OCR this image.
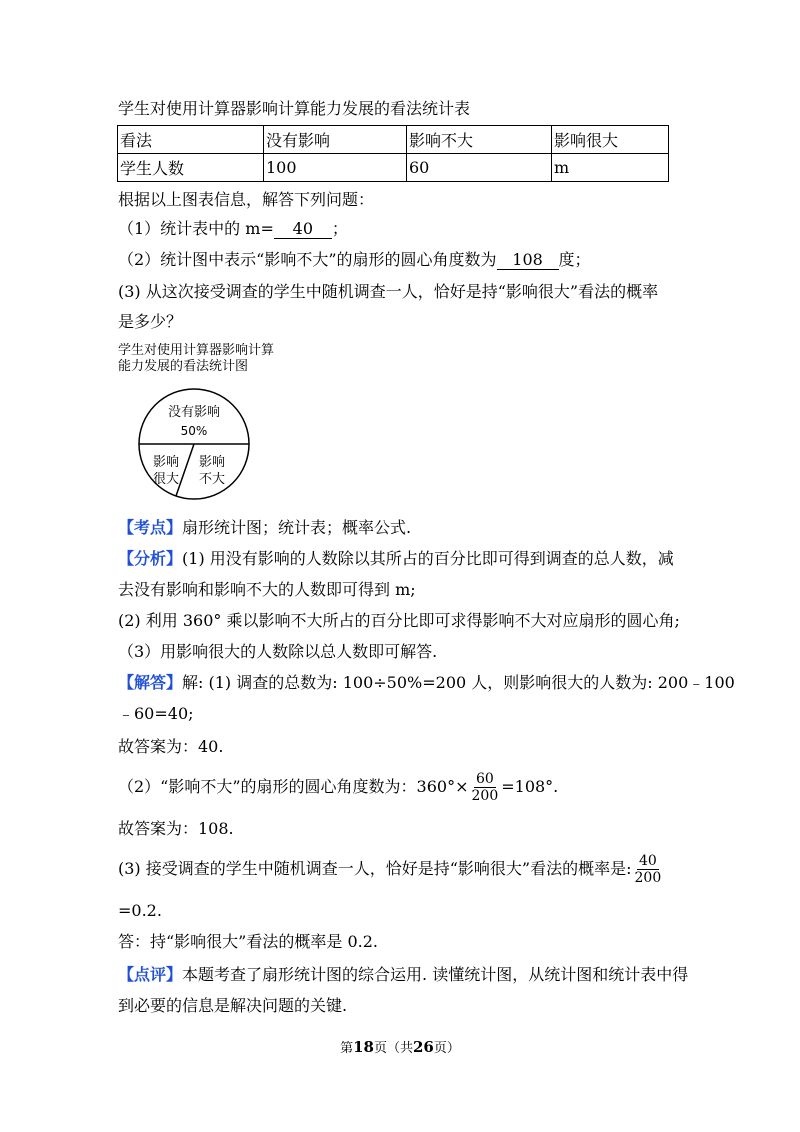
学生对使用计算器影响计算能力发展的看法统计表
看法	没有影响	影响不大	影响很大
学生人数	100	60	m
根据以上图表信息，解答下列问题：
（1）统计表中的 m= 40 ；
（2）统计图中表示“影响不大”的扇形的圆心角度数为 108 度；
(3) 从这次接受调查的学生中随机调查一人，恰好是持“影响很大”看法的概率
是多少？
学生对使用计算器影响计算
能力发展的看法统计图
没有影响
50%
影响
很大
影响
不大
【考点】扇形统计图；统计表；概率公式.
【分析】(1) 用没有影响的人数除以其所占的百分比即可得到调查的总人数，减
去没有影响和影响不大的人数即可得到 m;
(2) 利用 360° 乘以影响不大所占的百分比即可求得影响不大对应扇形的圆心角;
（3）用影响很大的人数除以总人数即可解答.
【解答】解: (1) 调查的总数为: 100÷50%=200 人，则影响很大的人数为: 200﹣100
﹣60=40;
故答案为：40.
（2）“影响不大”的扇形的圆心角度数为：$360^\circ\times \frac{60}{200} =108^\circ$.
故答案为：108.
(3) 接受调查的学生中随机调查一人，恰好是持“影响很大”看法的概率是: $\frac{40}{200}$
=0.2.
答：持“影响很大”看法的概率是 0.2.
【点评】本题考查了扇形统计图的综合运用. 读懂统计图，从统计图和统计表中得
到必要的信息是解决问题的关键.
第18页（共26页）
